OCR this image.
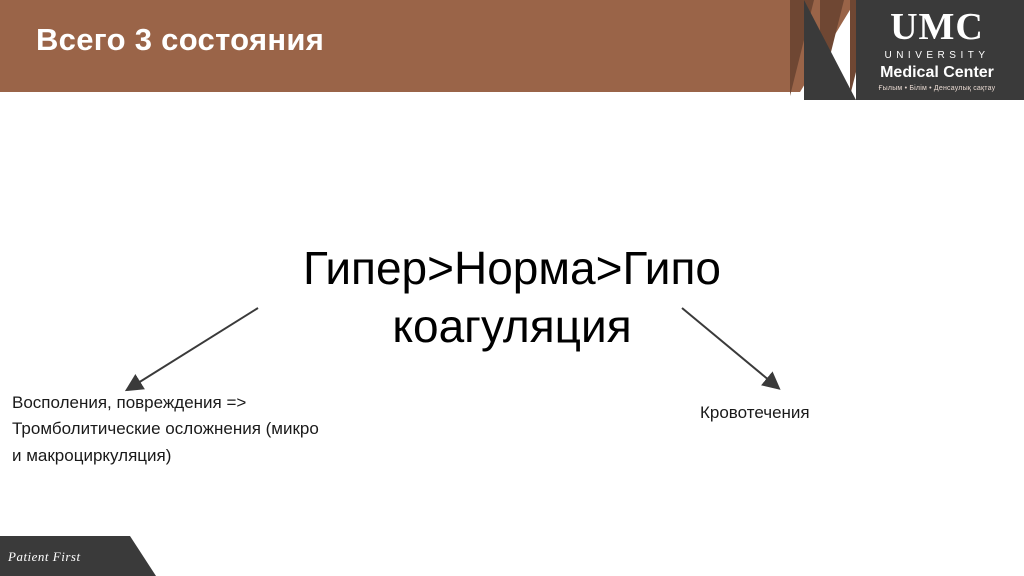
Всего 3 состояния	UMC
UNIVERSITY
Medical Center
Ғылым • Білім • Денсаулық сақтау
Гипер>Норма>Гипо
коагуляция
Восполения, повреждения => Тромболитические осложнения (микро и макроциркуляция)
Кровотечения
Patient First
